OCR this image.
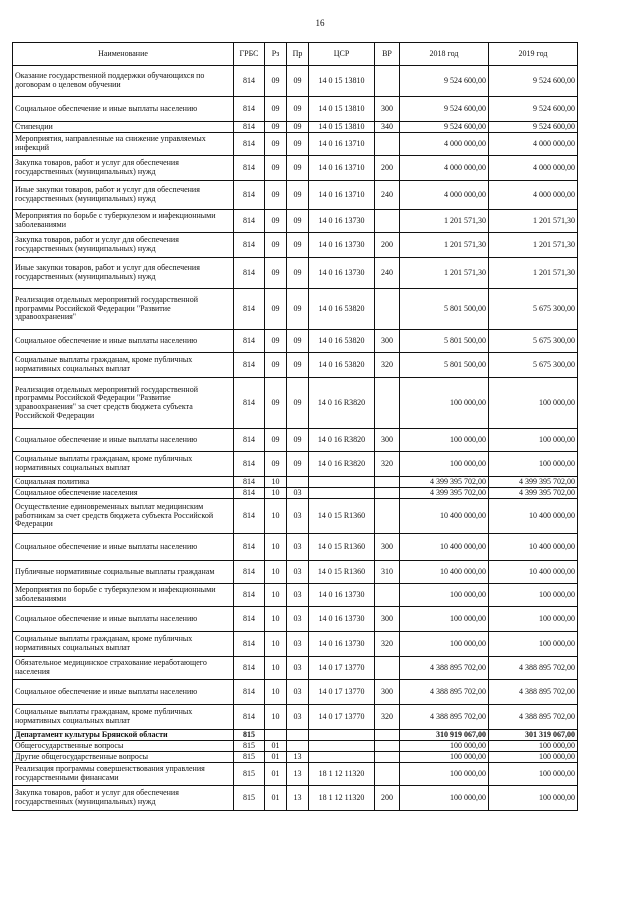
16
Наименование	ГРБС	Рз	Пр	ЦСР	ВР	2018 год	2019 год
Оказание государственной поддержки обучающихся по договорам о целевом обучении	814	09	09	14 0 15 13810		9 524 600,00	9 524 600,00
Социальное обеспечение и иные выплаты населению	814	09	09	14 0 15 13810	300	9 524 600,00	9 524 600,00
Стипендии	814	09	09	14 0 15 13810	340	9 524 600,00	9 524 600,00
Мероприятия, направленные на снижение управляемых инфекций	814	09	09	14 0 16 13710		4 000 000,00	4 000 000,00
Закупка товаров, работ и услуг для обеспечения государственных (муниципальных) нужд	814	09	09	14 0 16 13710	200	4 000 000,00	4 000 000,00
Иные закупки товаров, работ и услуг для обеспечения государственных (муниципальных) нужд	814	09	09	14 0 16 13710	240	4 000 000,00	4 000 000,00
Мероприятия по борьбе с туберкулезом и инфекционными заболеваниями	814	09	09	14 0 16 13730		1 201 571,30	1 201 571,30
Закупка товаров, работ и услуг для обеспечения государственных (муниципальных) нужд	814	09	09	14 0 16 13730	200	1 201 571,30	1 201 571,30
Иные закупки товаров, работ и услуг для обеспечения государственных (муниципальных) нужд	814	09	09	14 0 16 13730	240	1 201 571,30	1 201 571,30
Реализация отдельных мероприятий государственной программы Российской Федерации "Развитие здравоохранения"	814	09	09	14 0 16 53820		5 801 500,00	5 675 300,00
Социальное обеспечение и иные выплаты населению	814	09	09	14 0 16 53820	300	5 801 500,00	5 675 300,00
Социальные выплаты гражданам, кроме публичных нормативных социальных выплат	814	09	09	14 0 16 53820	320	5 801 500,00	5 675 300,00
Реализация отдельных мероприятий государственной программы Российской Федерации "Развитие здравоохранения" за счет средств бюджета субъекта Российской Федерации	814	09	09	14 0 16 R3820		100 000,00	100 000,00
Социальное обеспечение и иные выплаты населению	814	09	09	14 0 16 R3820	300	100 000,00	100 000,00
Социальные выплаты гражданам, кроме публичных нормативных социальных выплат	814	09	09	14 0 16 R3820	320	100 000,00	100 000,00
Социальная политика	814	10				4 399 395 702,00	4 399 395 702,00
Социальное обеспечение населения	814	10	03			4 399 395 702,00	4 399 395 702,00
Осуществление единовременных выплат медицинским работникам за счет средств бюджета субъекта Российской Федерации	814	10	03	14 0 15 R1360		10 400 000,00	10 400 000,00
Социальное обеспечение и иные выплаты населению	814	10	03	14 0 15 R1360	300	10 400 000,00	10 400 000,00
Публичные нормативные социальные выплаты гражданам	814	10	03	14 0 15 R1360	310	10 400 000,00	10 400 000,00
Мероприятия по борьбе с туберкулезом и инфекционными заболеваниями	814	10	03	14 0 16 13730		100 000,00	100 000,00
Социальное обеспечение и иные выплаты населению	814	10	03	14 0 16 13730	300	100 000,00	100 000,00
Социальные выплаты гражданам, кроме публичных нормативных социальных выплат	814	10	03	14 0 16 13730	320	100 000,00	100 000,00
Обязательное медицинское страхование неработающего населения	814	10	03	14 0 17 13770		4 388 895 702,00	4 388 895 702,00
Социальное обеспечение и иные выплаты населению	814	10	03	14 0 17 13770	300	4 388 895 702,00	4 388 895 702,00
Социальные выплаты гражданам, кроме публичных нормативных социальных выплат	814	10	03	14 0 17 13770	320	4 388 895 702,00	4 388 895 702,00
Департамент культуры Брянской области	815					310 919 067,00	301 319 067,00
Общегосударственные вопросы	815	01				100 000,00	100 000,00
Другие общегосударственные вопросы	815	01	13			100 000,00	100 000,00
Реализация программы совершенствования управления государственными финансами	815	01	13	18 1 12 11320		100 000,00	100 000,00
Закупка товаров, работ и услуг для обеспечения государственных (муниципальных) нужд	815	01	13	18 1 12 11320	200	100 000,00	100 000,00
